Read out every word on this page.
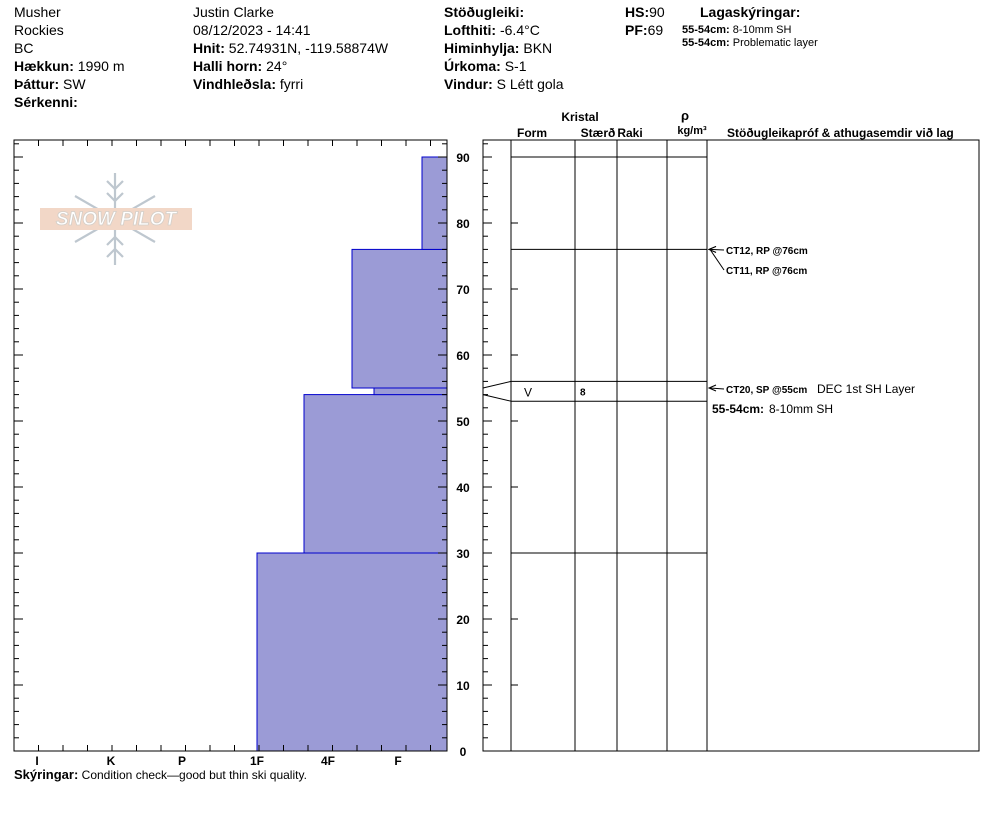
Musher
Rockies
BC
Hækkun: 1990 m
Þáttur: SW
Sérkenni:
Justin Clarke
08/12/2023 - 14:41
Hnit: 52.74931N, -119.58874W
Halli horn: 24°
Vindhleðsla: fyrri
Stöðugleiki:
Lofthiti: -6.4°C
Himinhylja: BKN
Úrkoma: S-1
Vindur: S Létt gola
HS:90
PF:69
Lagaskýringar:
55-54cm: 8-10mm SH
55-54cm: Problematic layer
SNOW PILOT
I	K	P	1F	4F	F
0
10
20
30
40
50
60
70
80
90
Kristal
Form	Stærð Raki
ρ
kg/m³ Stöðugleikapróf & athugasemdir við lag
V	8
CT12, RP @76cm
CT11, RP @76cm
CT20, SP @55cm DEC 1st SH Layer
55-54cm: 8-10mm SH
Skýringar: Condition check—good but thin ski quality.
